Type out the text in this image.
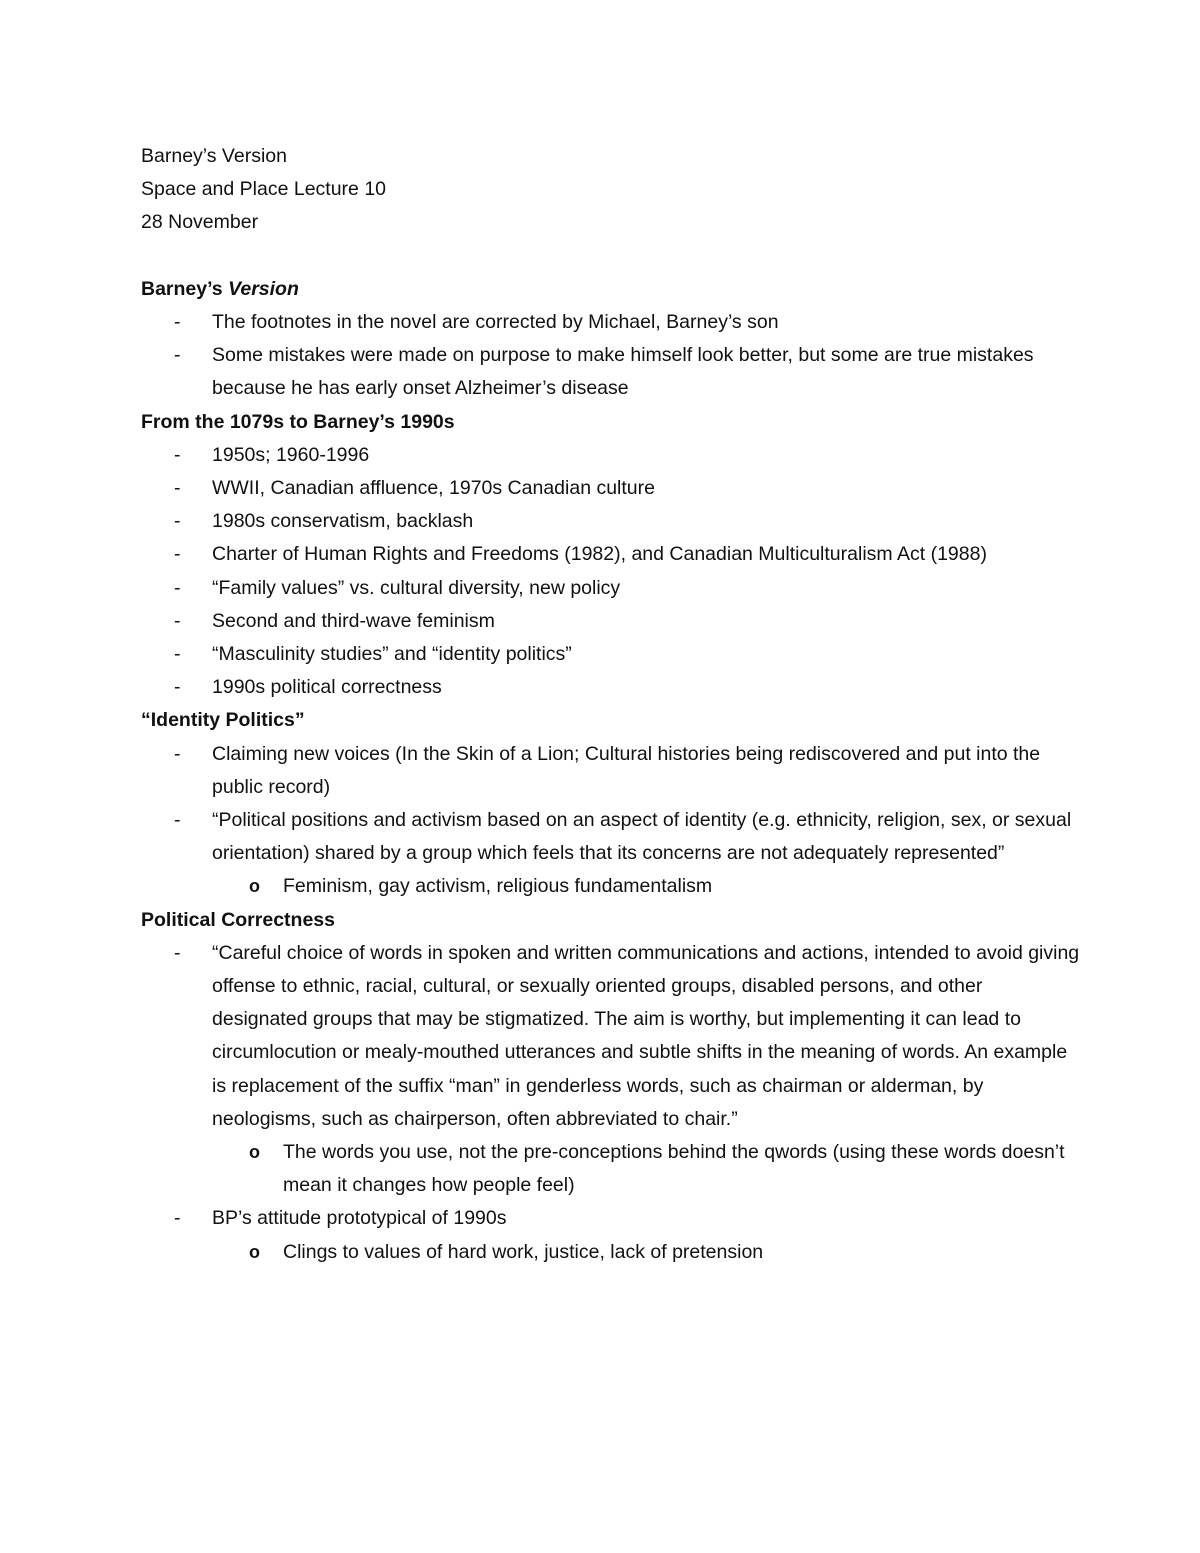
Barney’s Version
Space and Place Lecture 10
28 November
Barney’s Version
- The footnotes in the novel are corrected by Michael, Barney’s son
- Some mistakes were made on purpose to make himself look better, but some are true mistakes because he has early onset Alzheimer’s disease
From the 1079s to Barney’s 1990s
- 1950s; 1960-1996
- WWII, Canadian affluence, 1970s Canadian culture
- 1980s conservatism, backlash
- Charter of Human Rights and Freedoms (1982), and Canadian Multiculturalism Act (1988)
- “Family values” vs. cultural diversity, new policy
- Second and third-wave feminism
- “Masculinity studies” and “identity politics”
- 1990s political correctness
“Identity Politics”
- Claiming new voices (In the Skin of a Lion; Cultural histories being rediscovered and put into the public record)
- “Political positions and activism based on an aspect of identity (e.g. ethnicity, religion, sex, or sexual orientation) shared by a group which feels that its concerns are not adequately represented”
o Feminism, gay activism, religious fundamentalism
Political Correctness
- “Careful choice of words in spoken and written communications and actions, intended to avoid giving offense to ethnic, racial, cultural, or sexually oriented groups, disabled persons, and other designated groups that may be stigmatized. The aim is worthy, but implementing it can lead to circumlocution or mealy-mouthed utterances and subtle shifts in the meaning of words. An example is replacement of the suffix “man” in genderless words, such as chairman or alderman, by neologisms, such as chairperson, often abbreviated to chair.”
o The words you use, not the pre-conceptions behind the qwords (using these words doesn’t mean it changes how people feel)
- BP’s attitude prototypical of 1990s
o Clings to values of hard work, justice, lack of pretension
